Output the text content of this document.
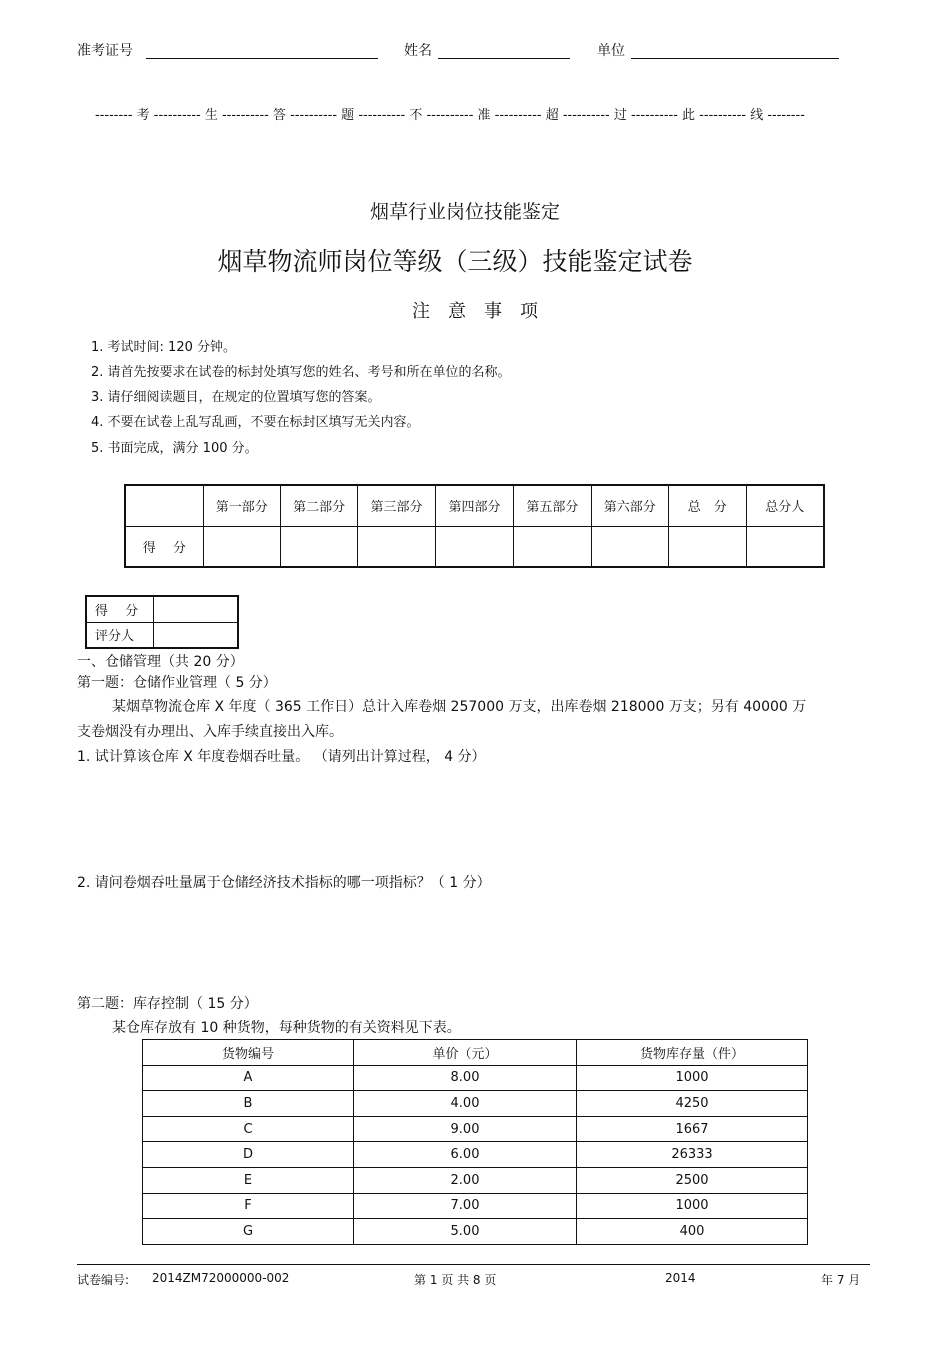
准考证号	姓名	单位
-------- 考 ---------- 生 ---------- 答 ---------- 题 ---------- 不 ---------- 准 ---------- 超 ---------- 过 ---------- 此 ---------- 线 --------
烟草行业岗位技能鉴定
烟草物流师岗位等级（三级）技能鉴定试卷
注　意　事　项
1. 考试时间: 120 分钟。
2. 请首先按要求在试卷的标封处填写您的姓名、考号和所在单位的名称。
3. 请仔细阅读题目，在规定的位置填写您的答案。
4. 不要在试卷上乱写乱画，不要在标封区填写无关内容。
5. 书面完成，满分 100 分。
	第一部分	第二部分	第三部分	第四部分	第五部分	第六部分	总　分	总分人
得　 分								
得　 分	
评分人	
一、仓储管理（共 20 分）
第一题：仓储作业管理（ 5 分）
某烟草物流仓库 X 年度（ 365 工作日）总计入库卷烟 257000 万支，出库卷烟 218000 万支；另有 40000 万
支卷烟没有办理出、入库手续直接出入库。
1. 试计算该仓库 X 年度卷烟吞吐量。 （请列出计算过程， 4 分）
2. 请问卷烟吞吐量属于仓储经济技术指标的哪一项指标？（ 1 分）
第二题：库存控制（ 15 分）
某仓库存放有 10 种货物，每种货物的有关资料见下表。
货物编号	单价（元）	货物库存量（件）
A	8.00	1000
B	4.00	4250
C	9.00	1667
D	6.00	26333
E	2.00	2500
F	7.00	1000
G	5.00	400
试卷编号: 2014ZM72000000-002	第 1 页 共 8 页	2014	年 7 月
